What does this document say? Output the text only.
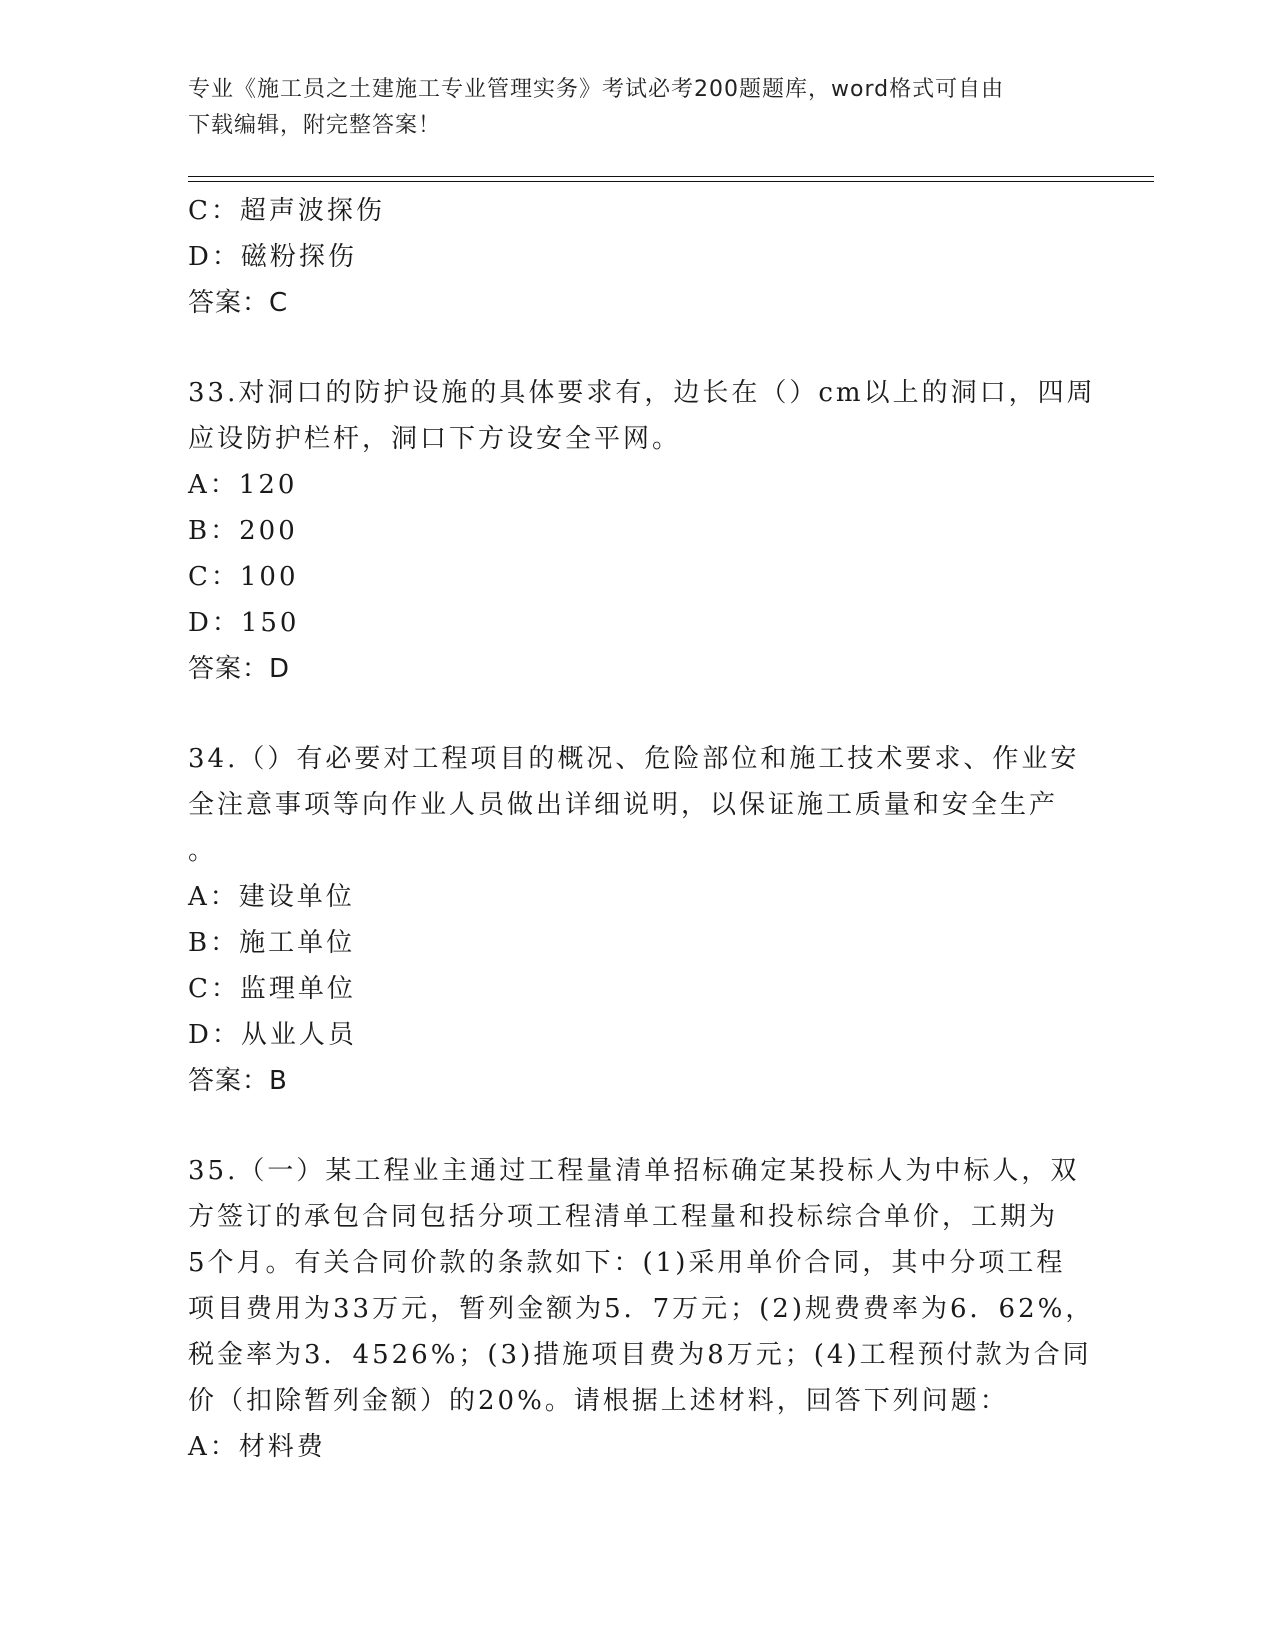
专业《施工员之土建施工专业管理实务》考试必考200题题库，word格式可自由
下载编辑，附完整答案！
C：超声波探伤
D：磁粉探伤
答案：C
33.对洞口的防护设施的具体要求有，边长在（）cm以上的洞口，四周
应设防护栏杆，洞口下方设安全平网。
A：120
B：200
C：100
D：150
答案：D
34.（）有必要对工程项目的概况、危险部位和施工技术要求、作业安
全注意事项等向作业人员做出详细说明，以保证施工质量和安全生产
。
A：建设单位
B：施工单位
C：监理单位
D：从业人员
答案：B
35.（一）某工程业主通过工程量清单招标确定某投标人为中标人，双
方签订的承包合同包括分项工程清单工程量和投标综合单价，工期为
5个月。有关合同价款的条款如下：(1)采用单价合同，其中分项工程
项目费用为33万元，暂列金额为5．7万元；(2)规费费率为6．62%，
税金率为3．4526%；(3)措施项目费为8万元；(4)工程预付款为合同
价（扣除暂列金额）的20%。请根据上述材料，回答下列问题：
A：材料费
